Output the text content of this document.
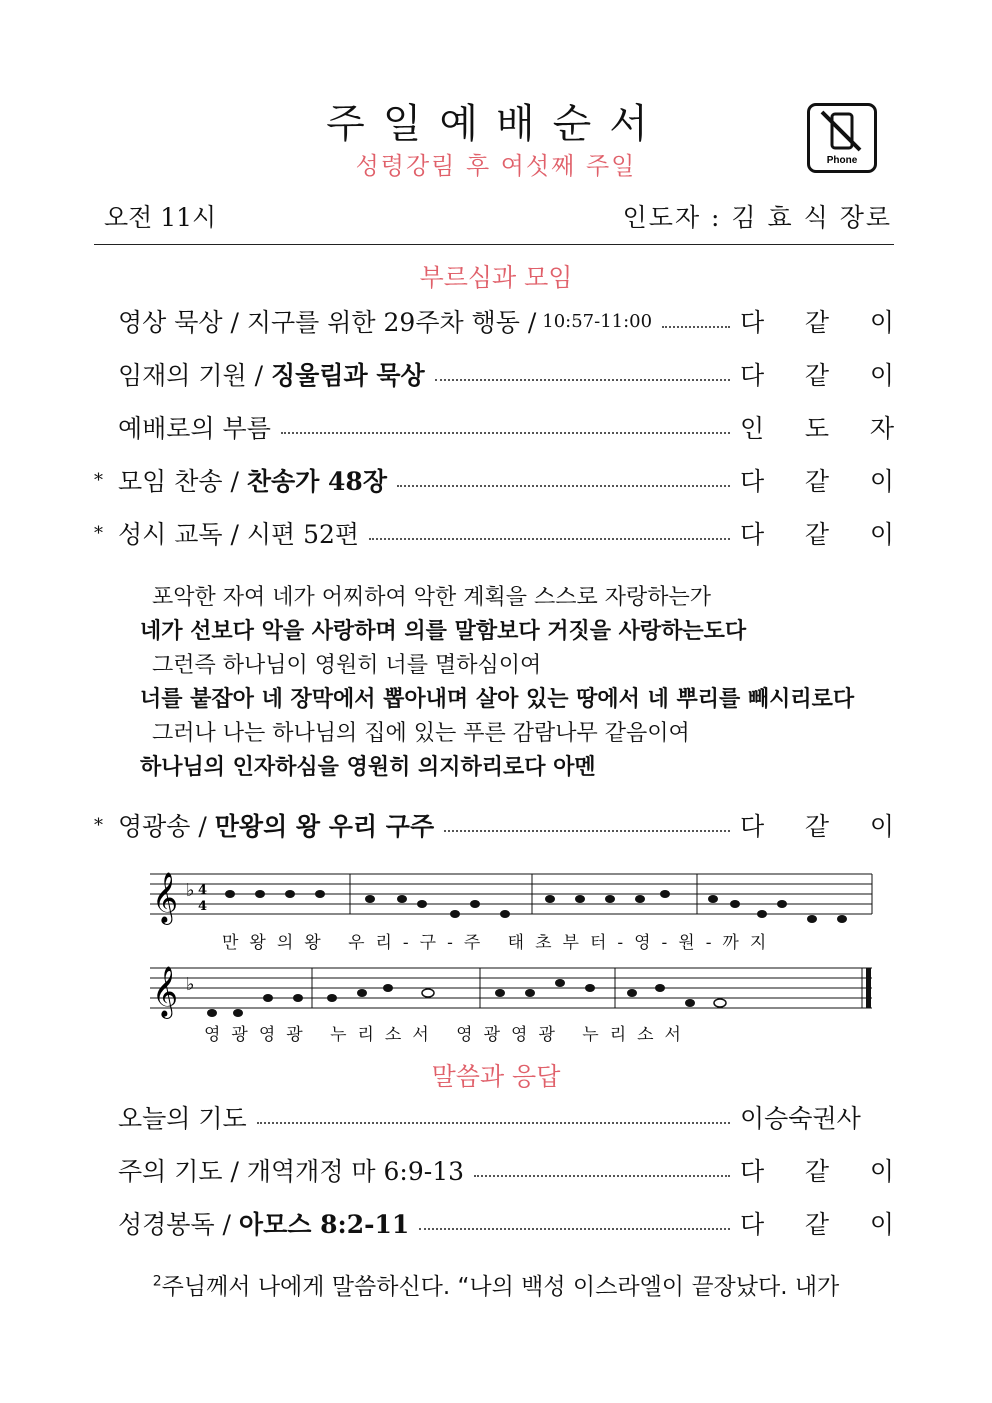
주일예배순서
성령강림 후 여섯째 주일	Phone
오전 11시	인도자 : 김 효 식 장로
부르심과 모임
영상 묵상 / 지구를 위한 29주차 행동 / 10:57-11:00	다 같 이
임재의 기원 / 징울림과 묵상	다 같 이
예배로의 부름	인 도 자
* 모임 찬송 / 찬송가 48장	다 같 이
* 성시 교독 / 시편 52편	다 같 이
포악한 자여 네가 어찌하여 악한 계획을 스스로 자랑하는가
네가 선보다 악을 사랑하며 의를 말함보다 거짓을 사랑하는도다
그런즉 하나님이 영원히 너를 멸하심이여
너를 붙잡아 네 장막에서 뽑아내며 살아 있는 땅에서 네 뿌리를 빼시리로다
그러나 나는 하나님의 집에 있는 푸른 감람나무 같음이여
하나님의 인자하심을 영원히 의지하리로다 아멘
* 영광송 / 만왕의 왕 우리 구주	다 같 이
𝄞 ♭ 4
4
만왕의왕 우리-구-주 태초부터-영-원-까지
𝄞 ♭
영광영광 누리소서 영광영광 누리소서
말씀과 응답
오늘의 기도	이승숙권사
주의 기도 / 개역개정 마 6:9-13	다 같 이
성경봉독 / 아모스 8:2-11	다 같 이
$^2$주님께서 나에게 말씀하신다. “나의 백성 이스라엘이 끝장났다. 내가
